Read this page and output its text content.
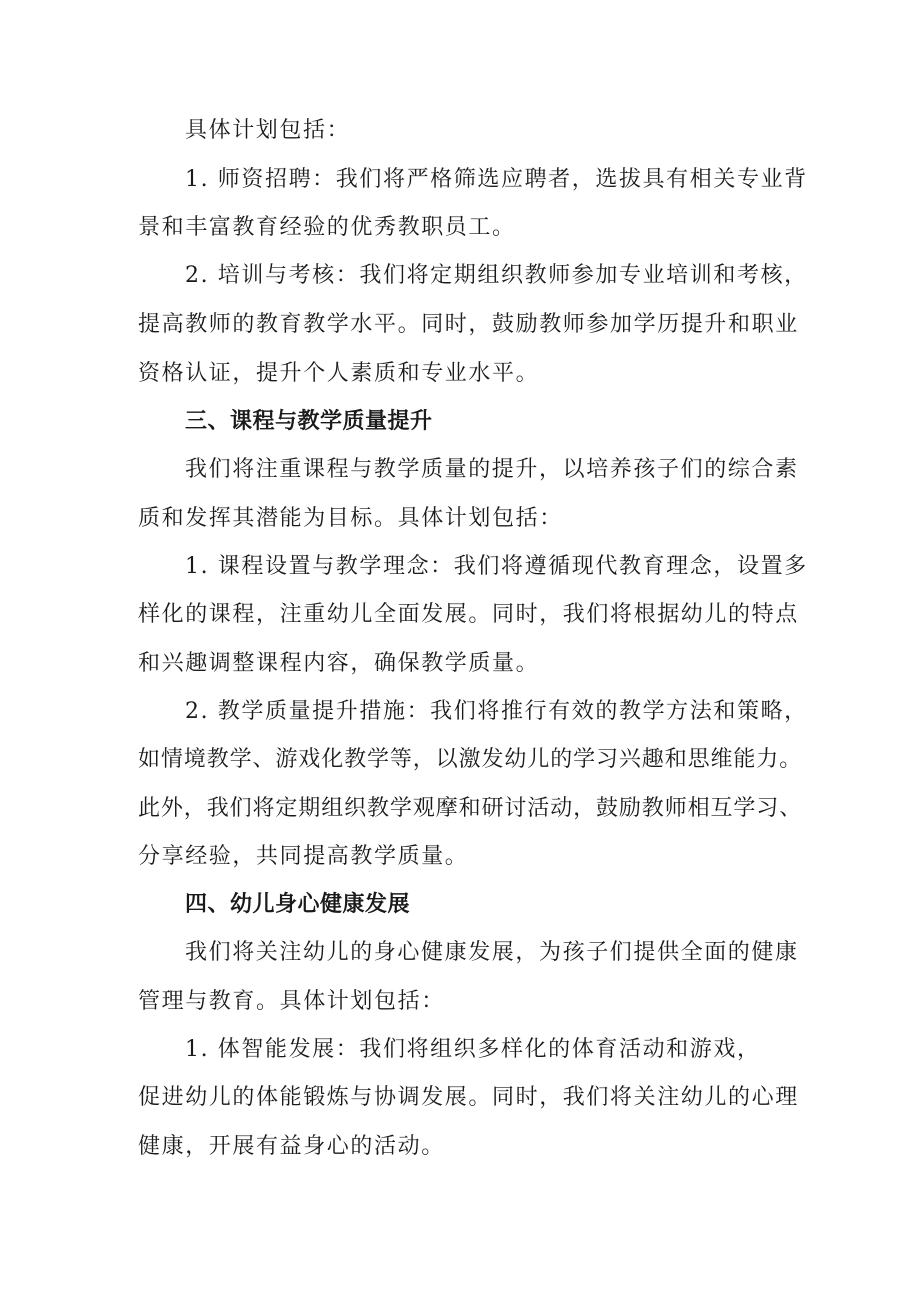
具体计划包括：
1. 师资招聘：我们将严格筛选应聘者，选拔具有相关专业背
景和丰富教育经验的优秀教职员工。
2. 培训与考核：我们将定期组织教师参加专业培训和考核，
提高教师的教育教学水平。同时，鼓励教师参加学历提升和职业
资格认证，提升个人素质和专业水平。
三、课程与教学质量提升
我们将注重课程与教学质量的提升，以培养孩子们的综合素
质和发挥其潜能为目标。具体计划包括：
1. 课程设置与教学理念：我们将遵循现代教育理念，设置多
样化的课程，注重幼儿全面发展。同时，我们将根据幼儿的特点
和兴趣调整课程内容，确保教学质量。
2. 教学质量提升措施：我们将推行有效的教学方法和策略，
如情境教学、游戏化教学等，以激发幼儿的学习兴趣和思维能力。
此外，我们将定期组织教学观摩和研讨活动，鼓励教师相互学习、
分享经验，共同提高教学质量。
四、幼儿身心健康发展
我们将关注幼儿的身心健康发展，为孩子们提供全面的健康
管理与教育。具体计划包括：
1. 体智能发展：我们将组织多样化的体育活动和游戏，
促进幼儿的体能锻炼与协调发展。同时，我们将关注幼儿的心理
健康，开展有益身心的活动。
